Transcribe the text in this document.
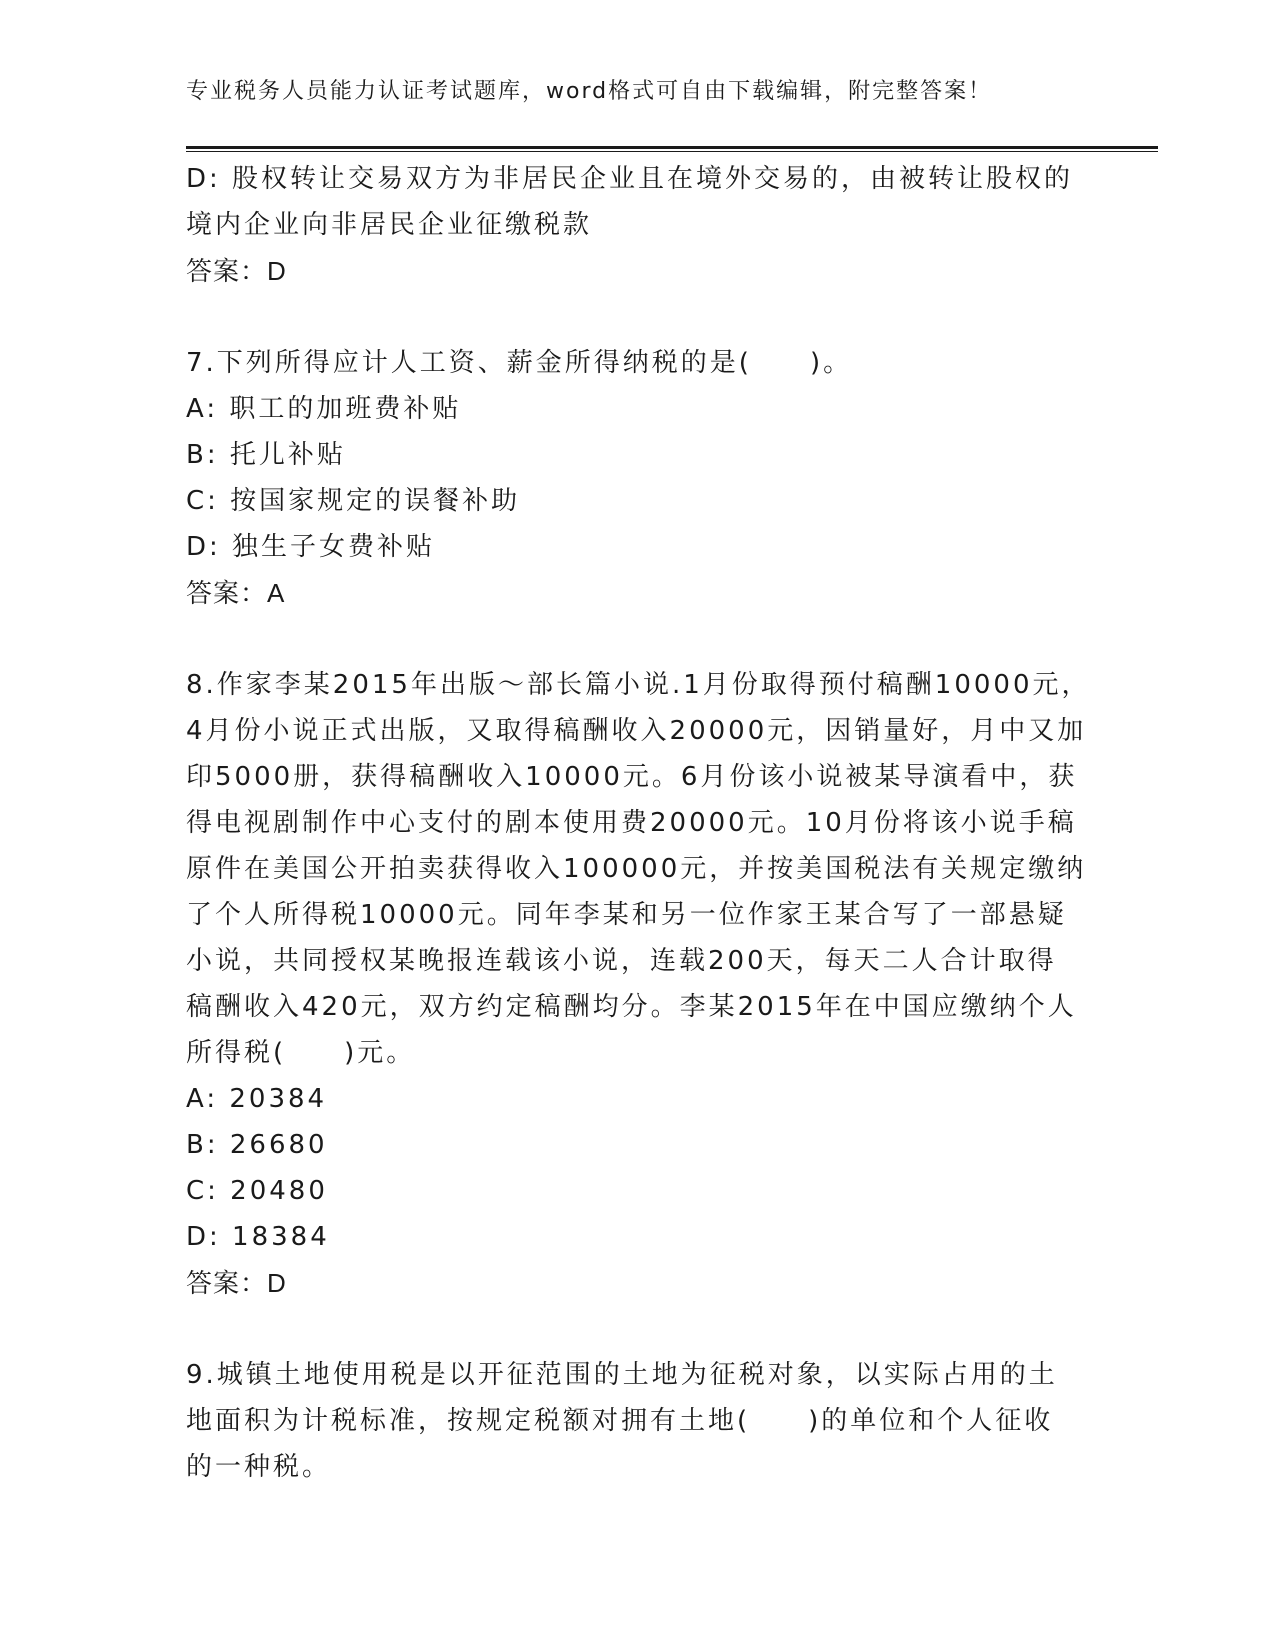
专业税务人员能力认证考试题库，word格式可自由下载编辑，附完整答案！
D: 股权转让交易双方为非居民企业且在境外交易的，由被转让股权的
境内企业向非居民企业征缴税款
答案：D
7.下列所得应计人工资、薪金所得纳税的是(　　)。
A: 职工的加班费补贴
B: 托儿补贴
C: 按国家规定的误餐补助
D: 独生子女费补贴
答案：A
8.作家李某2015年出版～部长篇小说.1月份取得预付稿酬10000元，
4月份小说正式出版，又取得稿酬收入20000元，因销量好，月中又加
印5000册，获得稿酬收入10000元。6月份该小说被某导演看中，获
得电视剧制作中心支付的剧本使用费20000元。10月份将该小说手稿
原件在美国公开拍卖获得收入100000元，并按美国税法有关规定缴纳
了个人所得税10000元。同年李某和另一位作家王某合写了一部悬疑
小说，共同授权某晚报连载该小说，连载200天，每天二人合计取得
稿酬收入420元，双方约定稿酬均分。李某2015年在中国应缴纳个人
所得税(　　)元。
A: 20384
B: 26680
C: 20480
D: 18384
答案：D
9.城镇土地使用税是以开征范围的土地为征税对象，以实际占用的土
地面积为计税标准，按规定税额对拥有土地(　　)的单位和个人征收
的一种税。
